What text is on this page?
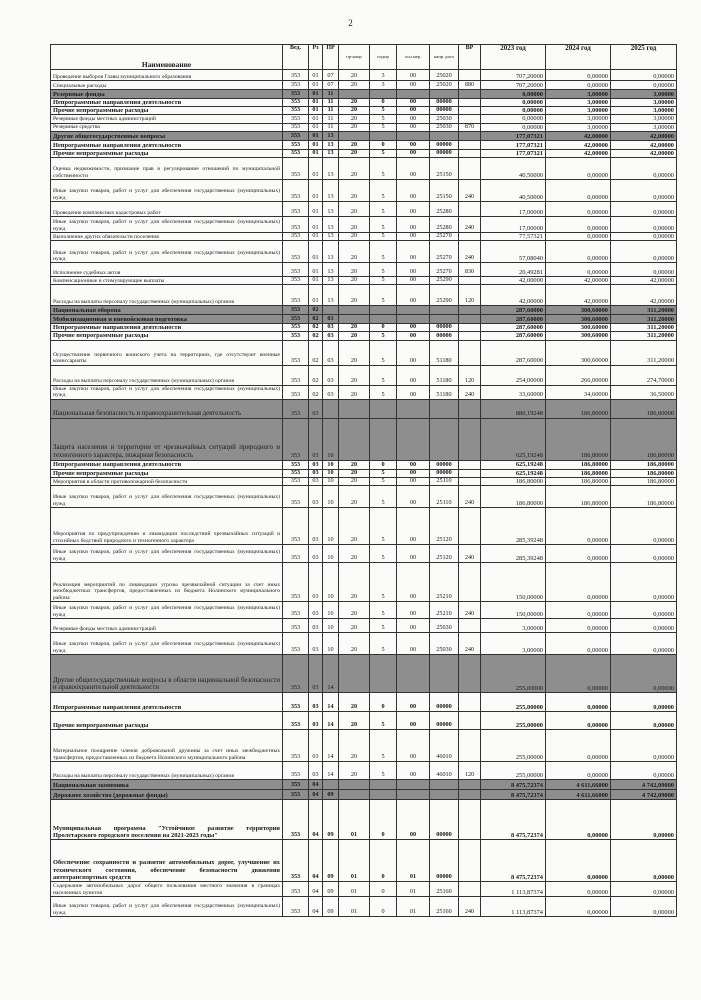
2
Наименование	Вед.	Рз	ПР	пр-напр	подпр	осн.мер.	напр. расх	ВР	2023 год	2024 год	2025 год
Проведение выборов Главы муниципального образования	353	01	07	20	3	00	25020		707,20000	0,00000	0,00000
Специальные расходы	353	01	07	20	3	00	25020	880	707,20000	0,00000	0,00000
Резервные фонды	353	01	11						0,00000	3,00000	3,00000
Непрограммные направления деятельности	353	01	11	20	0	00	00000		0,00000	3,00000	3,00000
Прочие непрограммные расходы	353	01	11	20	5	00	00000		0,00000	3,00000	3,00000
Резервные фонды местных администраций	353	01	11	20	5	00	25030		0,00000	3,00000	3,00000
Резервные средства	353	01	11	20	5	00	25030	870	0,00000	3,00000	3,00000
Другие общегосударственные вопросы	353	01	13						177,07321	42,00000	42,00000
Непрограммные направления деятельности	353	01	13	20	0	00	00000		177,07321	42,00000	42,00000
Прочие непрограммные расходы	353	01	13	20	5	00	00000		177,07321	42,00000	42,00000
Оценка недвижимости, признание прав и регулирование отношений по муниципальной собственности	353	01	13	20	5	00	25150		40,50000	0,00000	0,00000
Иные закупки товаров, работ и услуг для обеспечения государственных (муниципальных) нужд	353	01	13	20	5	00	25150	240	40,50000	0,00000	0,00000
Проведение комплексных кадастровых работ	353	01	13	20	5	00	25280		17,00000	0,00000	0,00000
Иные закупки товаров, работ и услуг для обеспечения государственных (муниципальных) нужд	353	01	13	20	5	00	25280	240	17,00000	0,00000	0,00000
Выполнение других обязательств поселения	353	01	13	20	5	00	25270		77,57321	0,00000	0,00000
Иные закупки товаров, работ и услуг для обеспечения государственных (муниципальных) нужд	353	01	13	20	5	00	25270	240	57,08040	0,00000	0,00000
Исполнение судебных актов	353	01	13	20	5	00	25270	830	20,49281	0,00000	0,00000
Компенсационные и стимулирующие выплаты	353	01	13	20	5	00	25290		42,00000	42,00000	42,00000
Расходы на выплаты персоналу государственных (муниципальных) органов	353	01	13	20	5	00	25290	120	42,00000	42,00000	42,00000
Национальная оборона	353	02							287,60000	300,60000	311,20000
Мобилизационная и вневойсковая подготовка	353	02	03						287,60000	300,60000	311,20000
Непрограммные направления деятельности	353	02	03	20	0	00	00000		287,60000	300,60000	311,20000
Прочие непрограммные расходы	353	02	03	20	5	00	00000		287,60000	300,60000	311,20000
Осуществление первичного воинского учета на территориях, где отсутствуют военные комиссариаты	353	02	03	20	5	00	51180		287,60000	300,60000	311,20000
Расходы на выплаты персоналу государственных (муниципальных) органов	353	02	03	20	5	00	51180	120	254,00000	266,00000	274,70000
Иные закупки товаров, работ и услуг для обеспечения государственных (муниципальных) нужд	353	02	03	20	5	00	51180	240	33,60000	34,60000	36,50000
Национальная безопасность и правоохранительная деятельность	353	03							880,19248	186,80000	186,80000
Защита населения и территории от чрезвычайных ситуаций природного и техногенного характера, пожарная безопасность	353	03	10						625,19248	186,80000	186,80000
Непрограммные направления деятельности	353	03	10	20	0	00	00000		625,19248	186,80000	186,80000
Прочие непрограммные расходы	353	03	10	20	5	00	00000		625,19248	186,80000	186,80000
Мероприятия в области противопожарной безопасности	353	03	10	20	5	00	25110		186,80000	186,80000	186,80000
Иные закупки товаров, работ и услуг для обеспечения государственных (муниципальных) нужд	353	03	10	20	5	00	25110	240	186,80000	186,80000	186,80000
Мероприятия по предупреждению и ликвидации последствий чрезвычайных ситуаций и стихийных бедствий природного и техногенного характера	353	03	10	20	5	00	25120		285,39248	0,00000	0,00000
Иные закупки товаров, работ и услуг для обеспечения государственных (муниципальных) нужд	353	03	10	20	5	00	25120	240	285,39248	0,00000	0,00000
Реализация мероприятий по ликвидации угрозы чрезвычайной ситуации за счет иных межбюджетных трансфертов, предоставленных из бюджета Нолинского муниципального района	353	03	10	20	5	00	25210		150,00000	0,00000	0,00000
Иные закупки товаров, работ и услуг для обеспечения государственных (муниципальных) нужд	353	03	10	20	5	00	25210	240	150,00000	0,00000	0,00000
Резервные фонды местных администраций	353	03	10	20	5	00	25030		3,00000	0,00000	0,00000
Иные закупки товаров, работ и услуг для обеспечения государственных (муниципальных) нужд	353	03	10	20	5	00	25030	240	3,00000	0,00000	0,00000
Другие общегосударственные вопросы в области национальной безопасности и правоохранительной деятельности	353	03	14						255,00000	0,00000	0,00000
Непрограммные направления деятельности	353	03	14	20	0	00	00000		255,00000	0,00000	0,00000
Прочие непрограммные расходы	353	03	14	20	5	00	00000		255,00000	0,00000	0,00000
Материальное поощрение членов добровольной дружины за счет иных межбюджетных трансфертов, предоставленных из бюджета Нолинского муниципального района	353	03	14	20	5	00	46010		255,00000	0,00000	0,00000
Расходы на выплаты персоналу государственных (муниципальных) органов	353	03	14	20	5	00	46010	120	255,00000	0,00000	0,00000
Национальная экономика	353	04							8 475,72374	4 611,66000	4 742,09000
Дорожное хозяйство (дорожные фонды)	353	04	09						8 475,72374	4 611,66000	4 742,09000
Муниципальная программа "Устойчивое развитие территории Пролетарского городского поселения на 2021-2023 годы"	353	04	09	01	0	00	00000		8 475,72374	0,00000	0,00000
Обеспечение сохранности и развитие автомобильных дорог, улучшение их технического состояния, обеспечение безопасности движения автотранспортных средств	353	04	09	01	0	01	00000		8 475,72374	0,00000	0,00000
Содержание автомобильных дорог общего пользования местного значения в границах населенных пунктов	353	04	09	01	0	01	25160		1 113,87374	0,00000	0,00000
Иные закупки товаров, работ и услуг для обеспечения государственных (муниципальных) нужд	353	04	09	01	0	01	25160	240	1 113,87374	0,00000	0,00000
